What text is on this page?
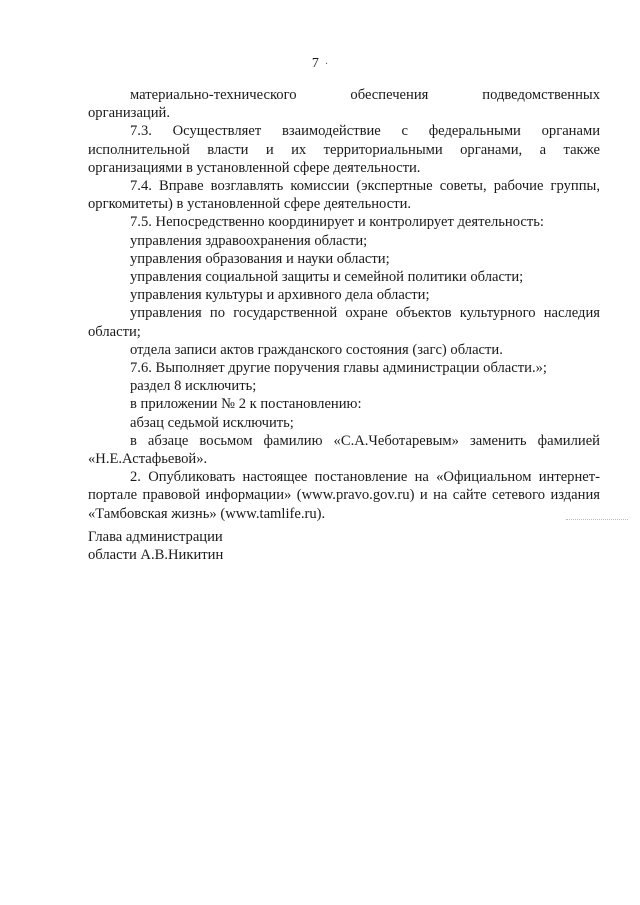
7 ·

материально-технического обеспечения подведомственных

организаций.

7.3. Осуществляет взаимодействие с федеральными органами исполнительной власти и их территориальными органами, а также организациями в установленной сфере деятельности.

7.4. Вправе возглавлять комиссии (экспертные советы, рабочие группы, оргкомитеты) в установленной сфере деятельности.

7.5. Непосредственно координирует и контролирует деятельность:

управления здравоохранения области;

управления образования и науки области;

управления социальной защиты и семейной политики области;

управления культуры и архивного дела области;

управления по государственной охране объектов культурного наследия области;

отдела записи актов гражданского состояния (загс) области.

7.6. Выполняет другие поручения главы администрации области.»;

раздел 8 исключить;

в приложении № 2 к постановлению:

абзац седьмой исключить;

в абзаце восьмом фамилию «С.А.Чеботаревым» заменить фамилией «Н.Е.Астафьевой».

2. Опубликовать настоящее постановление на «Официальном интернет-портале правовой информации» (www.pravo.gov.ru) и на сайте сетевого издания «Тамбовская жизнь» (www.tamlife.ru).

Глава администрации
области А.В.Никитин
